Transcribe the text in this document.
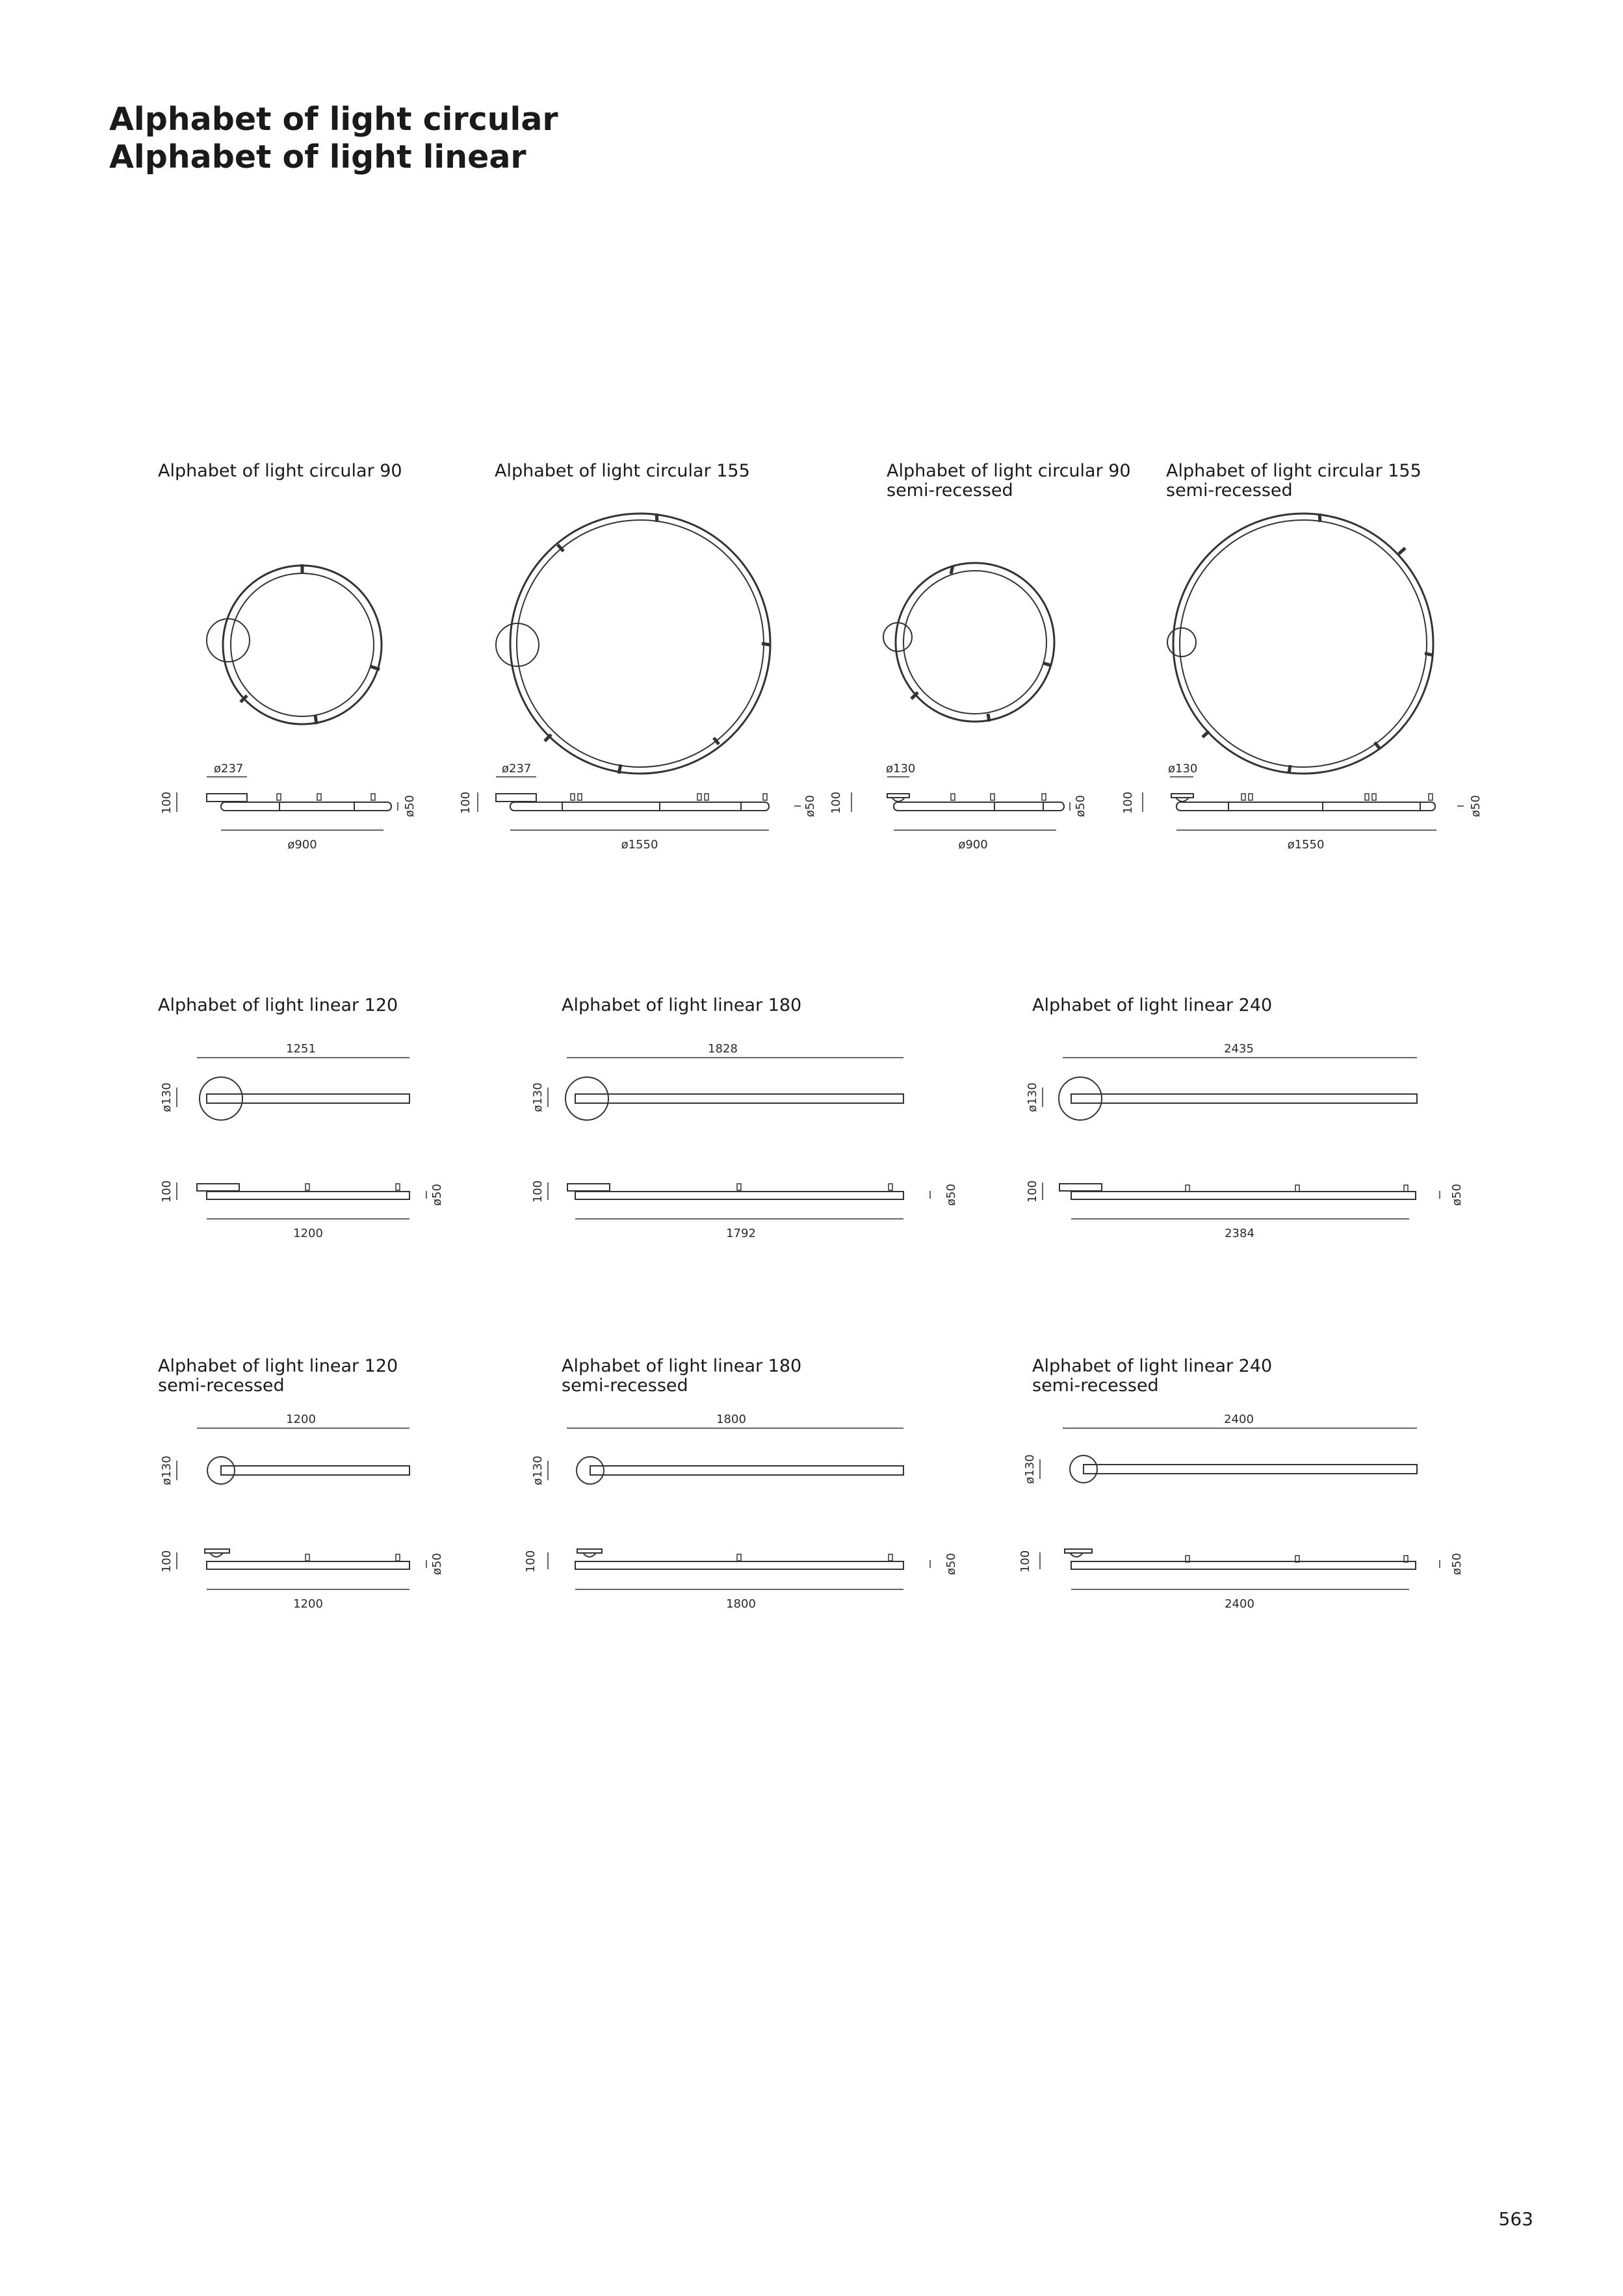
Alphabet of light circular
Alphabet of light linear
Alphabet of light circular 90	Alphabet of light circular 155	Alphabet of light circular 90
semi-recessed
Alphabet of light circular 155
semi-recessed
Alphabet of light linear 120	Alphabet of light linear 180	Alphabet of light linear 240
Alphabet of light linear 120
semi-recessed
Alphabet of light linear 180
semi-recessed
Alphabet of light linear 240
semi-recessed
ø237
100	ø50
ø900
ø237
100	ø50
ø1550
ø130
100	ø50
ø900
ø130
100	ø50
ø1550
1251
ø130
100	ø50
1200
1828
ø130
100	ø50
1792
2435
ø130
100	ø50
2384
1200
ø130
100	ø50
1200
1800
ø130
100	ø50
1800
2400
ø130
100	ø50
2400
563
